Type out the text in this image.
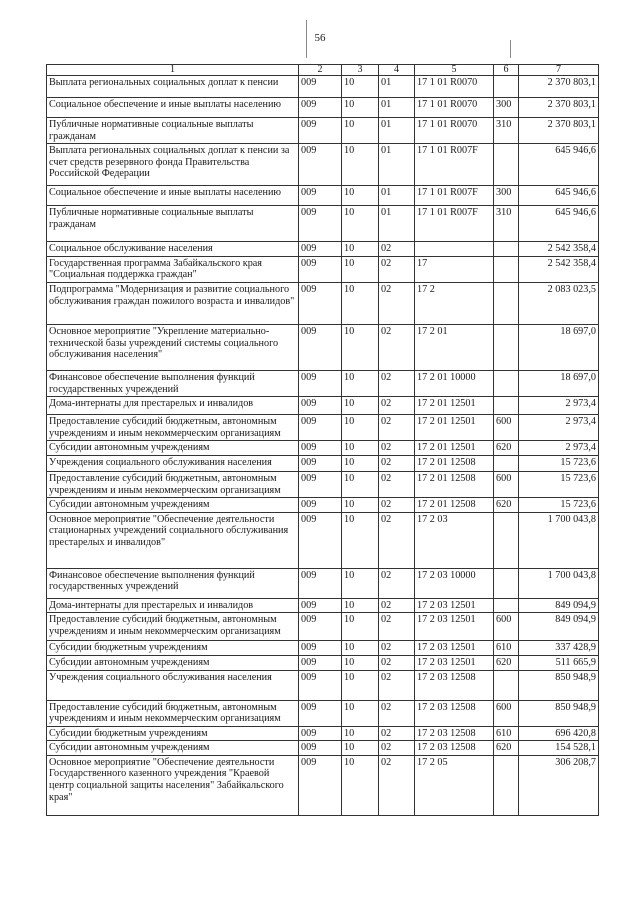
56
1	2	3	4	5	6	7
Выплата региональных социальных доплат к пенсии	009	10	01	17 1 01 R0070		2 370 803,1
Социальное обеспечение и иные выплаты населению	009	10	01	17 1 01 R0070	300	2 370 803,1
Публичные нормативные социальные выплаты гражданам	009	10	01	17 1 01 R0070	310	2 370 803,1
Выплата региональных социальных доплат к пенсии за счет средств резервного фонда Правительства Российской Федерации	009	10	01	17 1 01 R007F		645 946,6
Социальное обеспечение и иные выплаты населению	009	10	01	17 1 01 R007F	300	645 946,6
Публичные нормативные социальные выплаты гражданам	009	10	01	17 1 01 R007F	310	645 946,6
Социальное обслуживание населения	009	10	02			2 542 358,4
Государственная программа Забайкальского края "Социальная поддержка граждан"	009	10	02	17		2 542 358,4
Подпрограмма "Модернизация и развитие социального обслуживания граждан пожилого возраста и инвалидов"	009	10	02	17 2		2 083 023,5
Основное мероприятие "Укрепление материально-технической базы учреждений системы социального обслуживания населения"	009	10	02	17 2 01		18 697,0
Финансовое обеспечение выполнения функций государственных учреждений	009	10	02	17 2 01 10000		18 697,0
Дома-интернаты для престарелых и инвалидов	009	10	02	17 2 01 12501		2 973,4
Предоставление субсидий бюджетным, автономным учреждениям и иным некоммерческим организациям	009	10	02	17 2 01 12501	600	2 973,4
Субсидии автономным учреждениям	009	10	02	17 2 01 12501	620	2 973,4
Учреждения социального обслуживания населения	009	10	02	17 2 01 12508		15 723,6
Предоставление субсидий бюджетным, автономным учреждениям и иным некоммерческим организациям	009	10	02	17 2 01 12508	600	15 723,6
Субсидии автономным учреждениям	009	10	02	17 2 01 12508	620	15 723,6
Основное мероприятие "Обеспечение деятельности стационарных учреждений социального обслуживания престарелых и инвалидов"	009	10	02	17 2 03		1 700 043,8
Финансовое обеспечение выполнения функций государственных учреждений	009	10	02	17 2 03 10000		1 700 043,8
Дома-интернаты для престарелых и инвалидов	009	10	02	17 2 03 12501		849 094,9
Предоставление субсидий бюджетным, автономным учреждениям и иным некоммерческим организациям	009	10	02	17 2 03 12501	600	849 094,9
Субсидии бюджетным учреждениям	009	10	02	17 2 03 12501	610	337 428,9
Субсидии автономным учреждениям	009	10	02	17 2 03 12501	620	511 665,9
Учреждения социального обслуживания населения	009	10	02	17 2 03 12508		850 948,9
Предоставление субсидий бюджетным, автономным учреждениям и иным некоммерческим организациям	009	10	02	17 2 03 12508	600	850 948,9
Субсидии бюджетным учреждениям	009	10	02	17 2 03 12508	610	696 420,8
Субсидии автономным учреждениям	009	10	02	17 2 03 12508	620	154 528,1
Основное мероприятие "Обеспечение деятельности Государственного казенного учреждения "Краевой центр социальной защиты населения" Забайкальского края"	009	10	02	17 2 05		306 208,7
